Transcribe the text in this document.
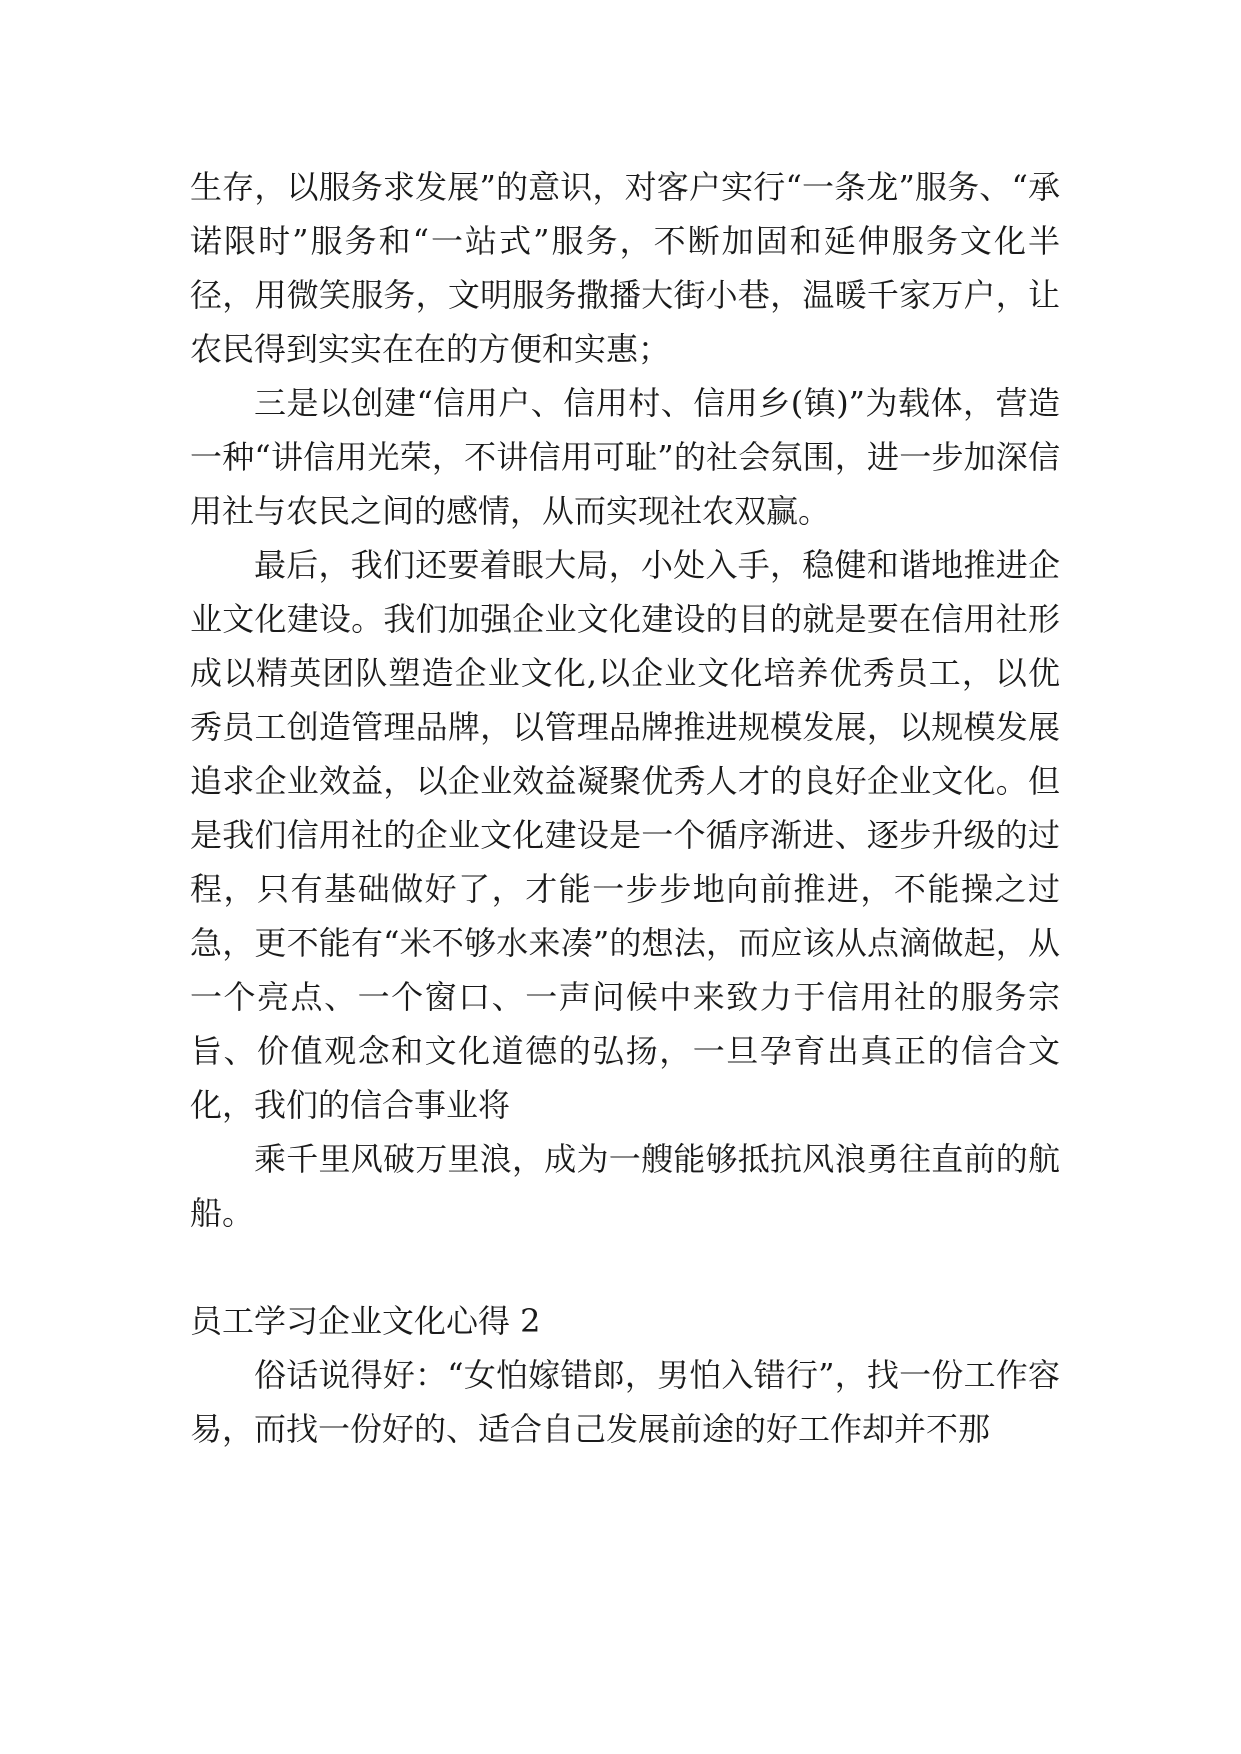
生存，以服务求发展”的意识，对客户实行“一条龙”服务、“承诺限时”服务和“一站式”服务，不断加固和延伸服务文化半径，用微笑服务，文明服务撒播大街小巷，温暖千家万户，让农民得到实实在在的方便和实惠；

三是以创建“信用户、信用村、信用乡(镇)”为载体，营造一种“讲信用光荣，不讲信用可耻”的社会氛围，进一步加深信用社与农民之间的感情，从而实现社农双赢。

最后，我们还要着眼大局，小处入手，稳健和谐地推进企业文化建设。我们加强企业文化建设的目的就是要在信用社形成以精英团队塑造企业文化,以企业文化培养优秀员工，以优秀员工创造管理品牌，以管理品牌推进规模发展，以规模发展追求企业效益，以企业效益凝聚优秀人才的良好企业文化。但是我们信用社的企业文化建设是一个循序渐进、逐步升级的过程，只有基础做好了，才能一步步地向前推进，不能操之过急，更不能有“米不够水来凑”的想法，而应该从点滴做起，从一个亮点、一个窗口、一声问候中来致力于信用社的服务宗旨、价值观念和文化道德的弘扬，一旦孕育出真正的信合文化，我们的信合事业将

乘千里风破万里浪，成为一艘能够抵抗风浪勇往直前的航船。

员工学习企业文化心得 2

俗话说得好：“女怕嫁错郎，男怕入错行”，找一份工作容易，而找一份好的、适合自己发展前途的好工作却并不那
